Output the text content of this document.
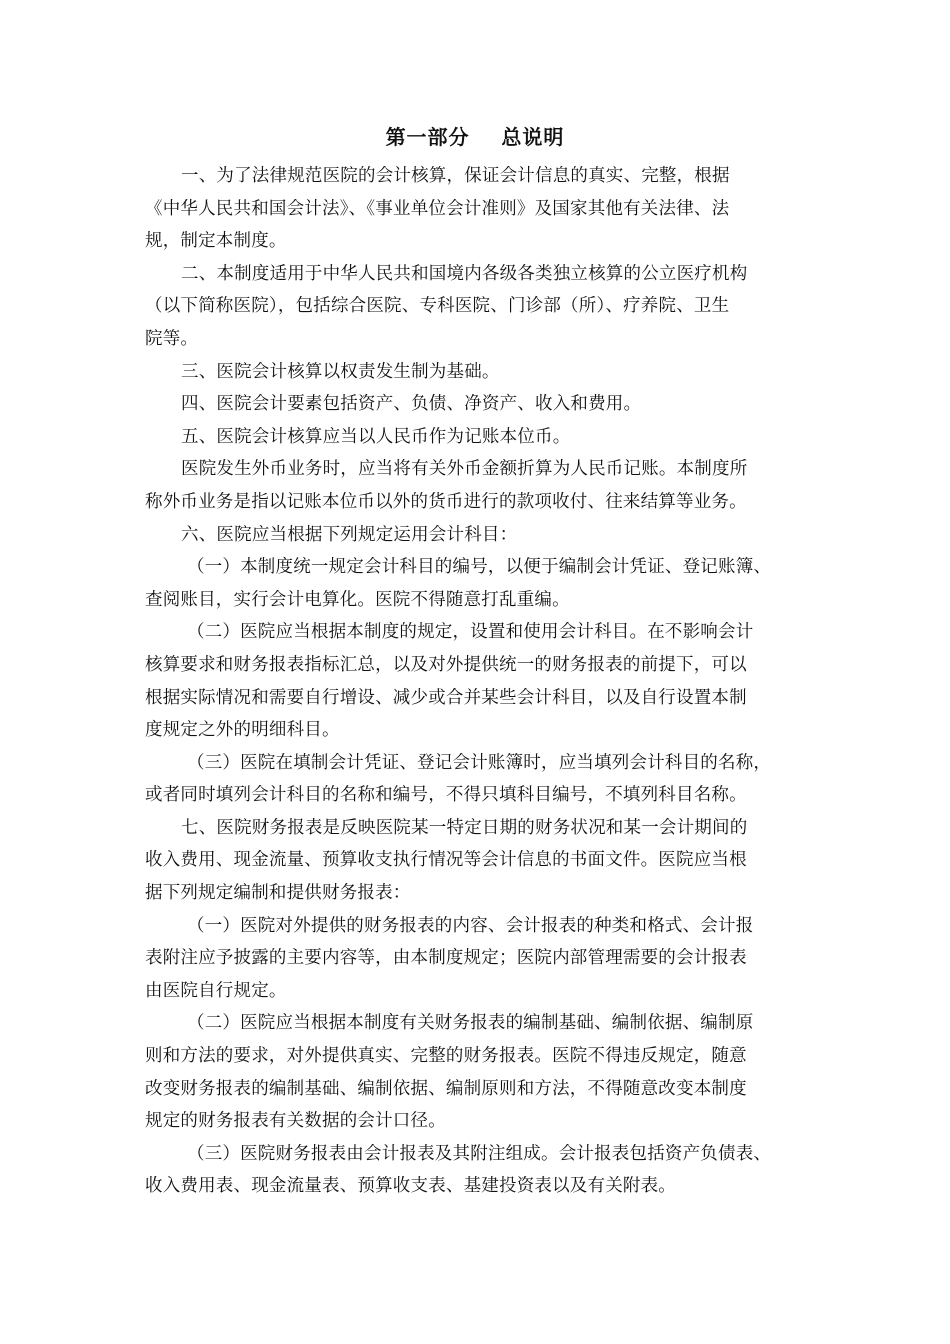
第一部分    总说明
一、为了法律规范医院的会计核算，保证会计信息的真实、完整，根据
《中华人民共和国会计法》、《事业单位会计准则》及国家其他有关法律、法
规，制定本制度。
二、本制度适用于中华人民共和国境内各级各类独立核算的公立医疗机构
（以下简称医院），包括综合医院、专科医院、门诊部（所）、疗养院、卫生
院等。
三、医院会计核算以权责发生制为基础。
四、医院会计要素包括资产、负债、净资产、收入和费用。
五、医院会计核算应当以人民币作为记账本位币。
医院发生外币业务时，应当将有关外币金额折算为人民币记账。本制度所
称外币业务是指以记账本位币以外的货币进行的款项收付、往来结算等业务。
六、医院应当根据下列规定运用会计科目：
（一）本制度统一规定会计科目的编号，以便于编制会计凭证、登记账簿、
查阅账目，实行会计电算化。医院不得随意打乱重编。
（二）医院应当根据本制度的规定，设置和使用会计科目。在不影响会计
核算要求和财务报表指标汇总，以及对外提供统一的财务报表的前提下，可以
根据实际情况和需要自行增设、减少或合并某些会计科目，以及自行设置本制
度规定之外的明细科目。
（三）医院在填制会计凭证、登记会计账簿时，应当填列会计科目的名称，
或者同时填列会计科目的名称和编号，不得只填科目编号，不填列科目名称。
七、医院财务报表是反映医院某一特定日期的财务状况和某一会计期间的
收入费用、现金流量、预算收支执行情况等会计信息的书面文件。医院应当根
据下列规定编制和提供财务报表：
（一）医院对外提供的财务报表的内容、会计报表的种类和格式、会计报
表附注应予披露的主要内容等，由本制度规定；医院内部管理需要的会计报表
由医院自行规定。
（二）医院应当根据本制度有关财务报表的编制基础、编制依据、编制原
则和方法的要求，对外提供真实、完整的财务报表。医院不得违反规定，随意
改变财务报表的编制基础、编制依据、编制原则和方法，不得随意改变本制度
规定的财务报表有关数据的会计口径。
（三）医院财务报表由会计报表及其附注组成。会计报表包括资产负债表、
收入费用表、现金流量表、预算收支表、基建投资表以及有关附表。
